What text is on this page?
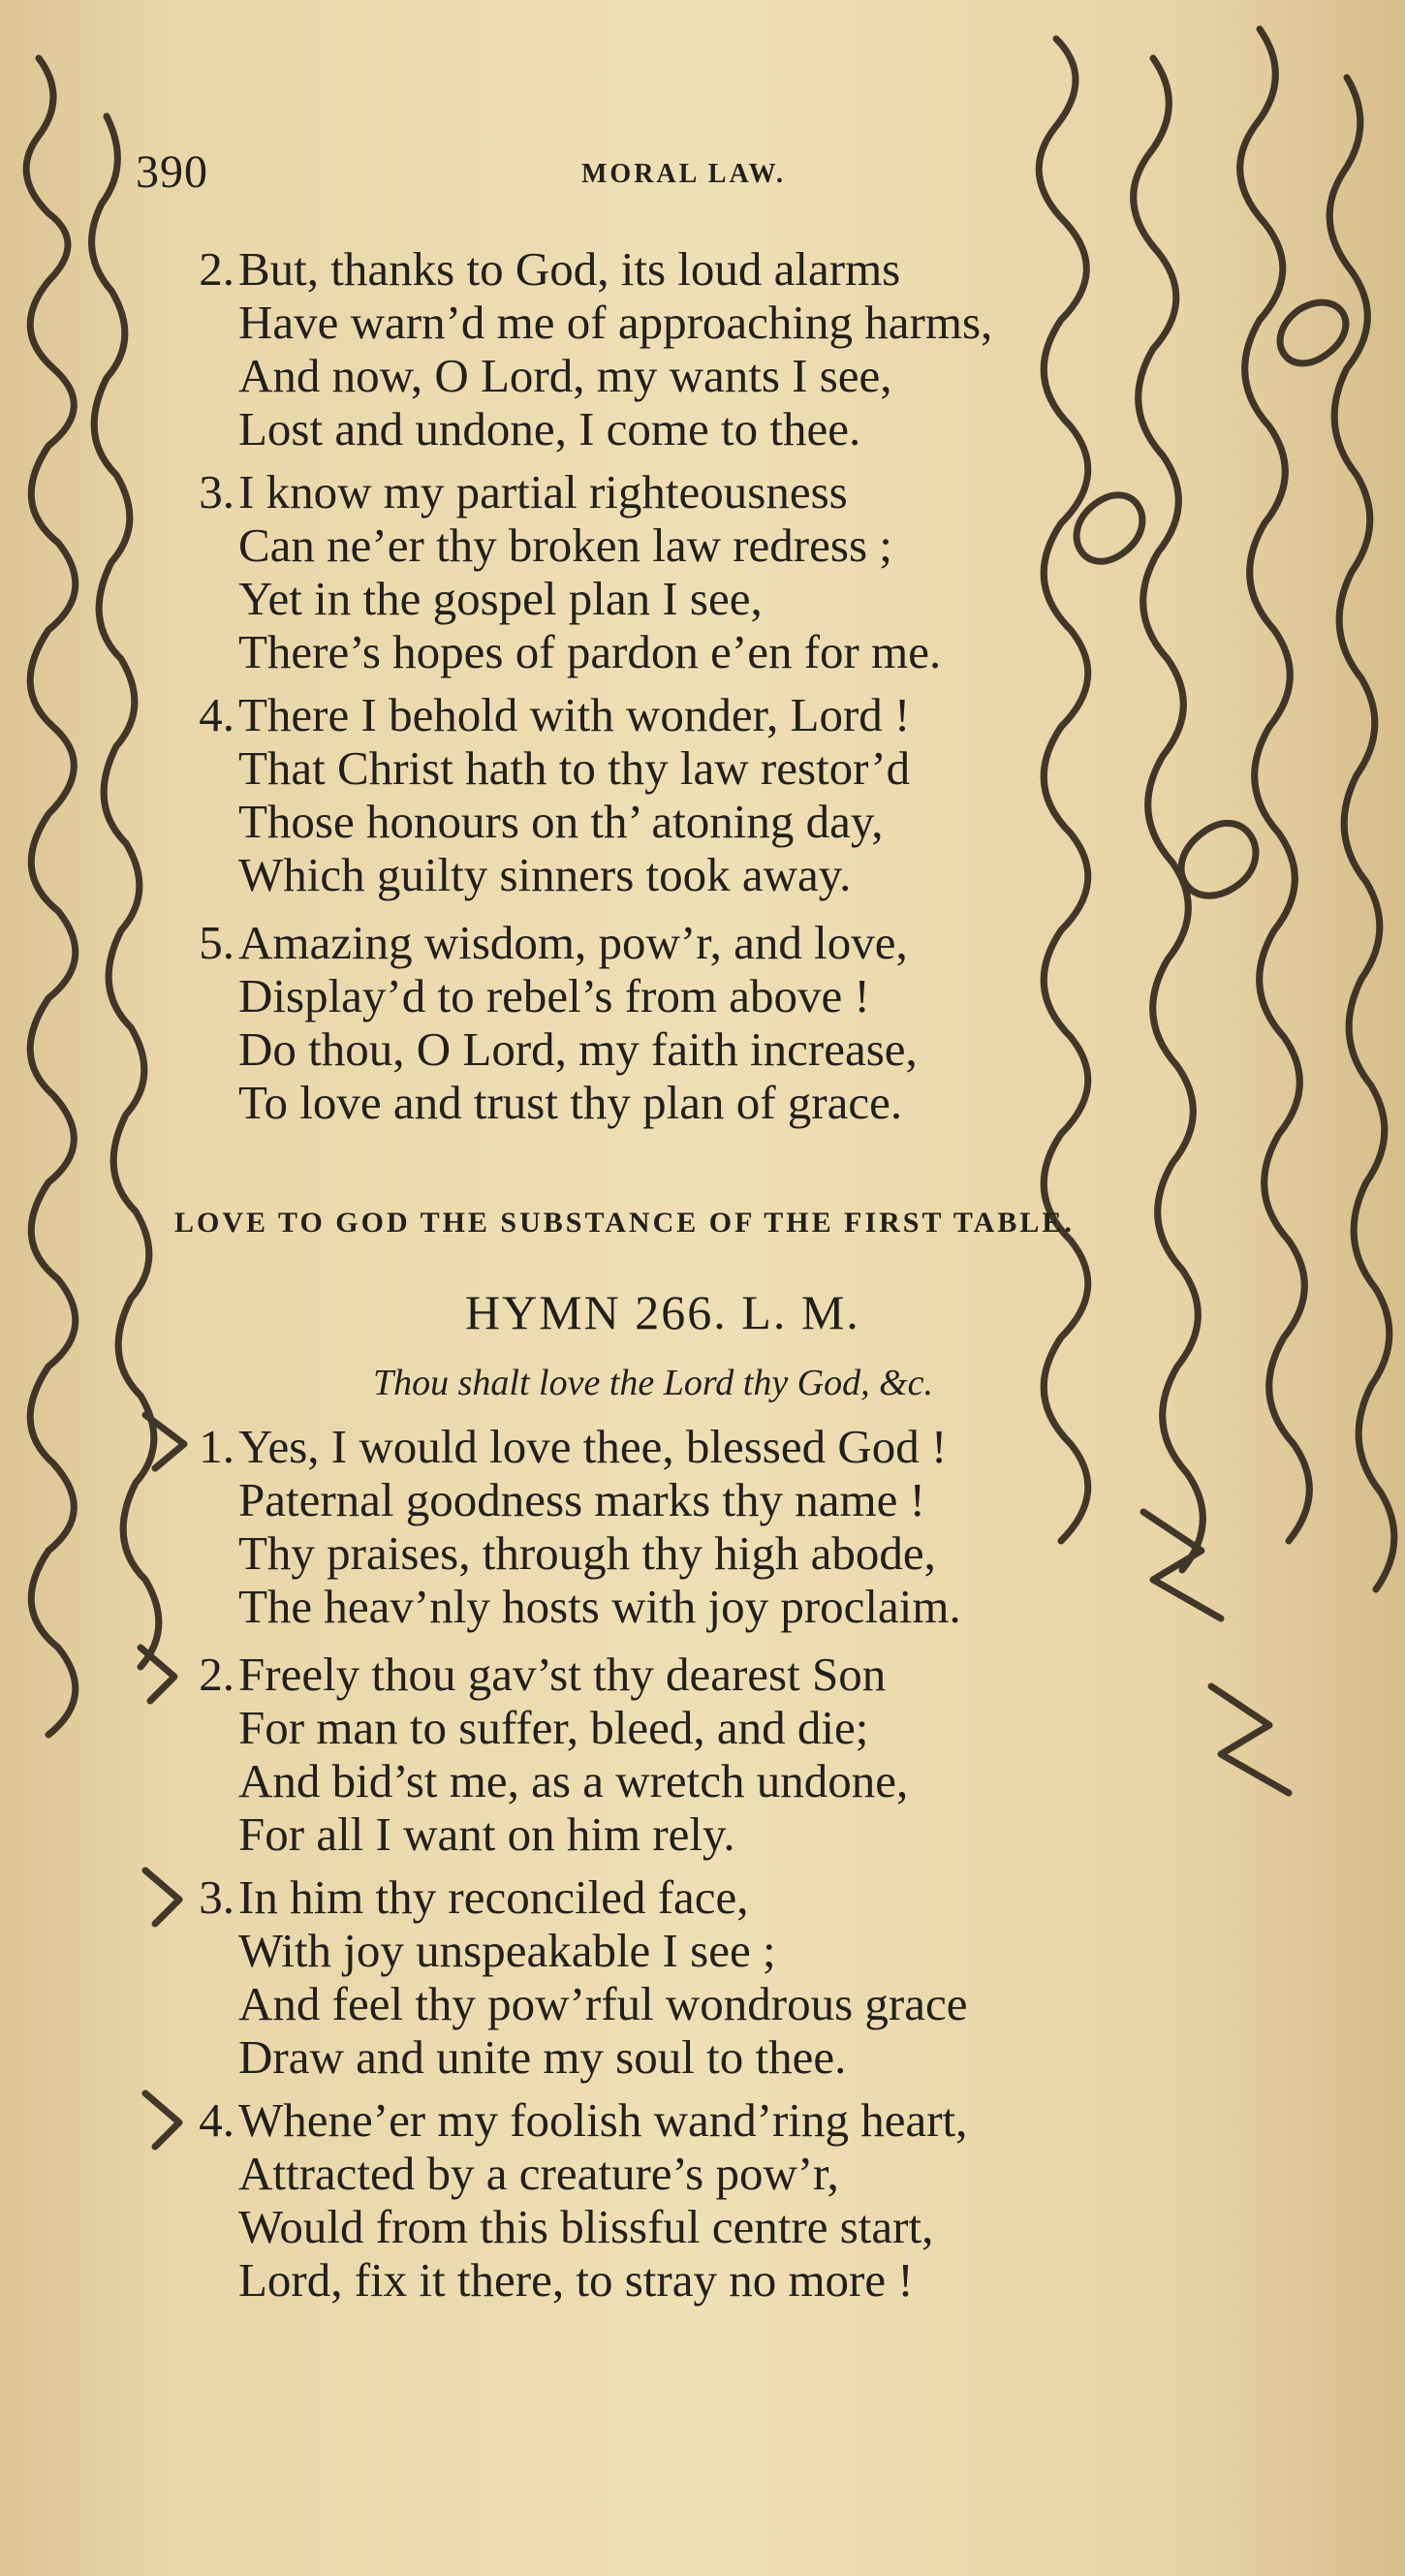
390	MORAL LAW.
2.But, thanks to God, its loud alarms
Have warn’d me of approaching harms,
And now, O Lord, my wants I see,
Lost and undone, I come to thee.
3.I know my partial righteousness
Can ne’er thy broken law redress ;
Yet in the gospel plan I see,
There’s hopes of pardon e’en for me.
4.There I behold with wonder, Lord !
That Christ hath to thy law restor’d
Those honours on th’ atoning day,
Which guilty sinners took away.
5.Amazing wisdom, pow’r, and love,
Display’d to rebel’s from above !
Do thou, O Lord, my faith increase,
To love and trust thy plan of grace.
LOVE TO GOD THE SUBSTANCE OF THE FIRST TABLE.
HYMN 266. L. M.
Thou shalt love the Lord thy God, &c.
1.Yes, I would love thee, blessed God !
Paternal goodness marks thy name !
Thy praises, through thy high abode,
The heav’nly hosts with joy proclaim.
2.Freely thou gav’st thy dearest Son
For man to suffer, bleed, and die;
And bid’st me, as a wretch undone,
For all I want on him rely.
3.In him thy reconciled face,
With joy unspeakable I see ;
And feel thy pow’rful wondrous grace
Draw and unite my soul to thee.
4.Whene’er my foolish wand’ring heart,
Attracted by a creature’s pow’r,
Would from this blissful centre start,
Lord, fix it there, to stray no more !
